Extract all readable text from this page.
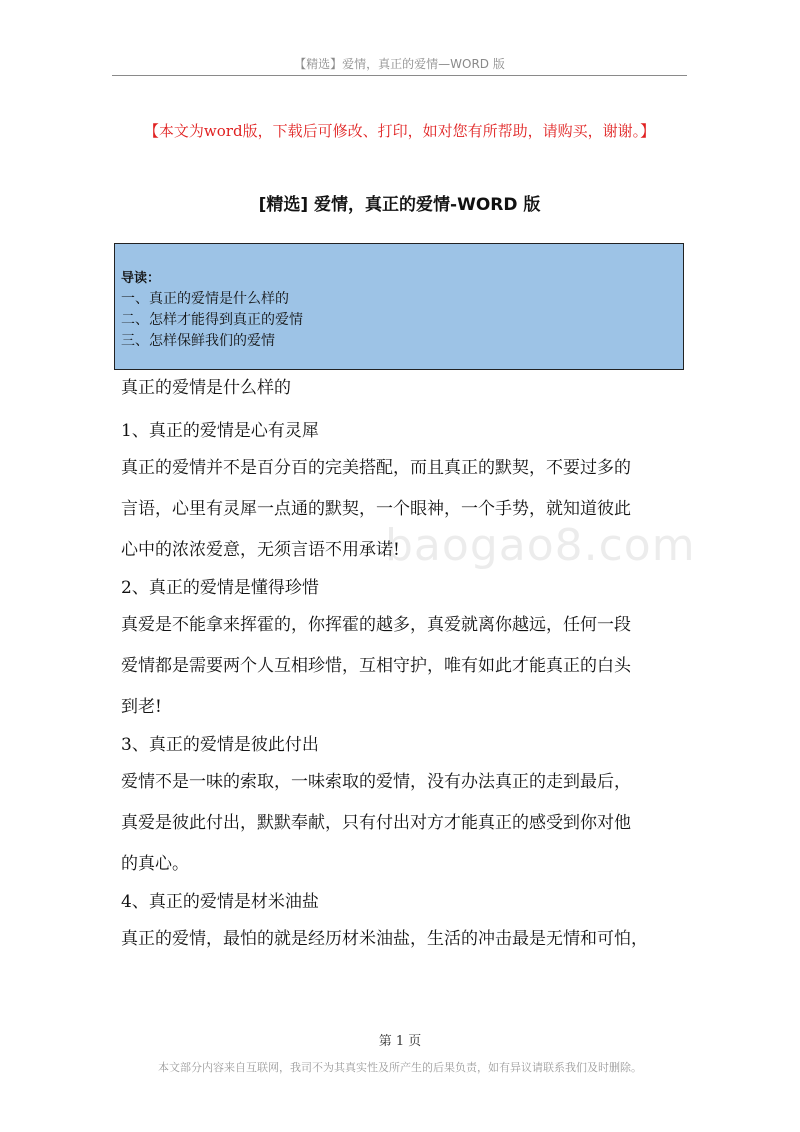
【精选】爱情，真正的爱情—WORD 版
【本文为word版，下载后可修改、打印，如对您有所帮助，请购买，谢谢。】
[精选] 爱情，真正的爱情-WORD 版
导读：
一、真正的爱情是什么样的
二、怎样才能得到真正的爱情
三、怎样保鲜我们的爱情
baogao8.com

真正的爱情是什么样的

1、真正的爱情是心有灵犀

真正的爱情并不是百分百的完美搭配，而且真正的默契，不要过多的
言语，心里有灵犀一点通的默契，一个眼神，一个手势，就知道彼此
心中的浓浓爱意，无须言语不用承诺!

2、真正的爱情是懂得珍惜

真爱是不能拿来挥霍的，你挥霍的越多，真爱就离你越远，任何一段
爱情都是需要两个人互相珍惜，互相守护，唯有如此才能真正的白头
到老!

3、真正的爱情是彼此付出

爱情不是一味的索取，一味索取的爱情，没有办法真正的走到最后，
真爱是彼此付出，默默奉献，只有付出对方才能真正的感受到你对他
的真心。

4、真正的爱情是材米油盐

真正的爱情，最怕的就是经历材米油盐，生活的冲击最是无情和可怕，
第 1 页
本文部分内容来自互联网，我司不为其真实性及所产生的后果负责，如有异议请联系我们及时删除。
